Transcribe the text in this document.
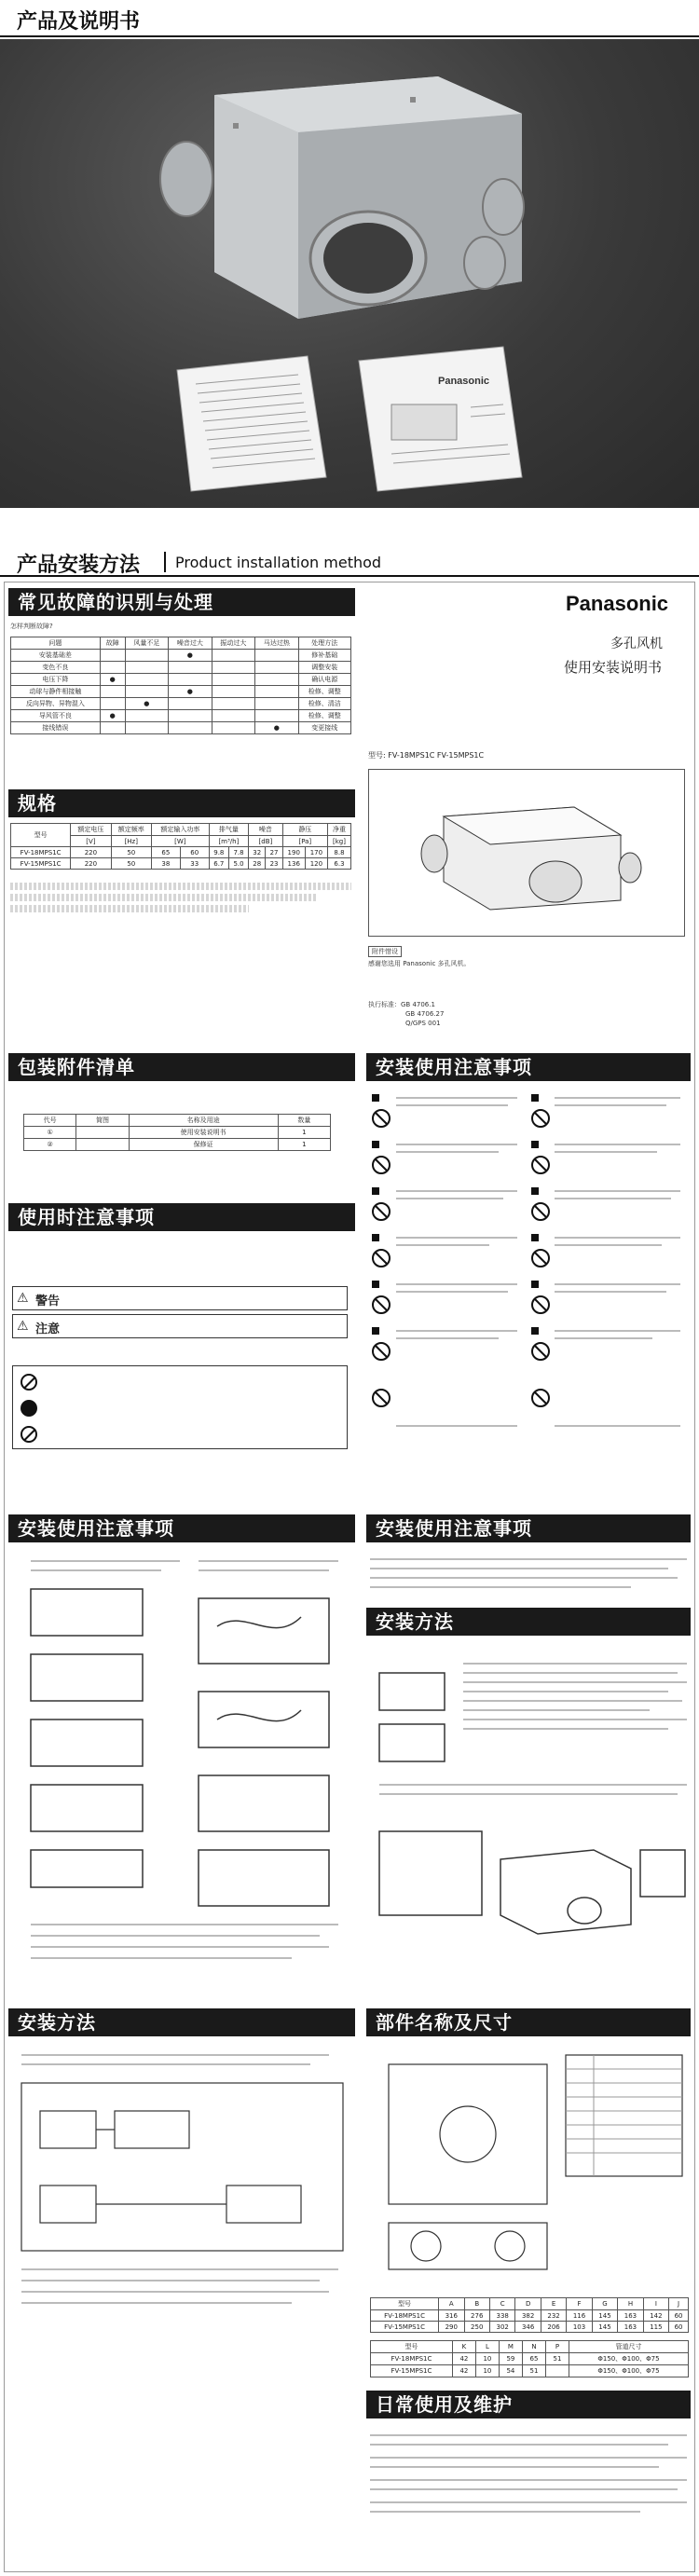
产品及说明书
Panasonic
产品安装方法 Product installation method
常见故障的识别与处理
怎样判断故障?
问题	故障	风量不足	噪音过大	振动过大	马达过热	处理方法
安装基础差			●			修补基础
变色不良						调整安装
电压下降	●					确认电源
动球与静件相接触			●			检修、调整
反向异物、异物混入		●				检修、清洁
导风管不良	●					检修、调整
接线错误					●	变更接线
Panasonic
多孔风机
使用安装说明书
型号: FV-18MPS1C FV-15MPS1C
附件惜设
感谢您选用 Panasonic 多孔风机。
执行标准：GB 4706.1
GB 4706.27
Q/GPS 001
规格
型号	额定电压	额定频率	额定输入功率		排气量		噪音		静压		净重
	[V]	[Hz]	[W]		[m³/h]		[dB]		[Pa]		[kg]
FV-18MPS1C	220	50	65	60	9.8	7.8	32	27	190	170	8.8
FV-15MPS1C	220	50	38	33	6.7	5.0	28	23	136	120	6.3
包装附件清单
代号	简图	名称及用途	数量
①		使用安装说明书	1
②		保修证	1
使用时注意事项
⚠ 警告
⚠ 注意
安装使用注意事项
安装使用注意事项	安装使用注意事项
安装方法
安装方法	部件名称及尺寸
型号	A	B	C	D	E	F	G	H	I	J
FV-18MPS1C	316	276	338	382	232	116	145	163	142	60
FV-15MPS1C	290	250	302	346	206	103	145	163	115	60
型号	K	L	M	N	P	管道尺寸
FV-18MPS1C	42	10	59	65	51	Φ150、Φ100、Φ75
FV-15MPS1C	42	10	54	51		Φ150、Φ100、Φ75
日常使用及维护
